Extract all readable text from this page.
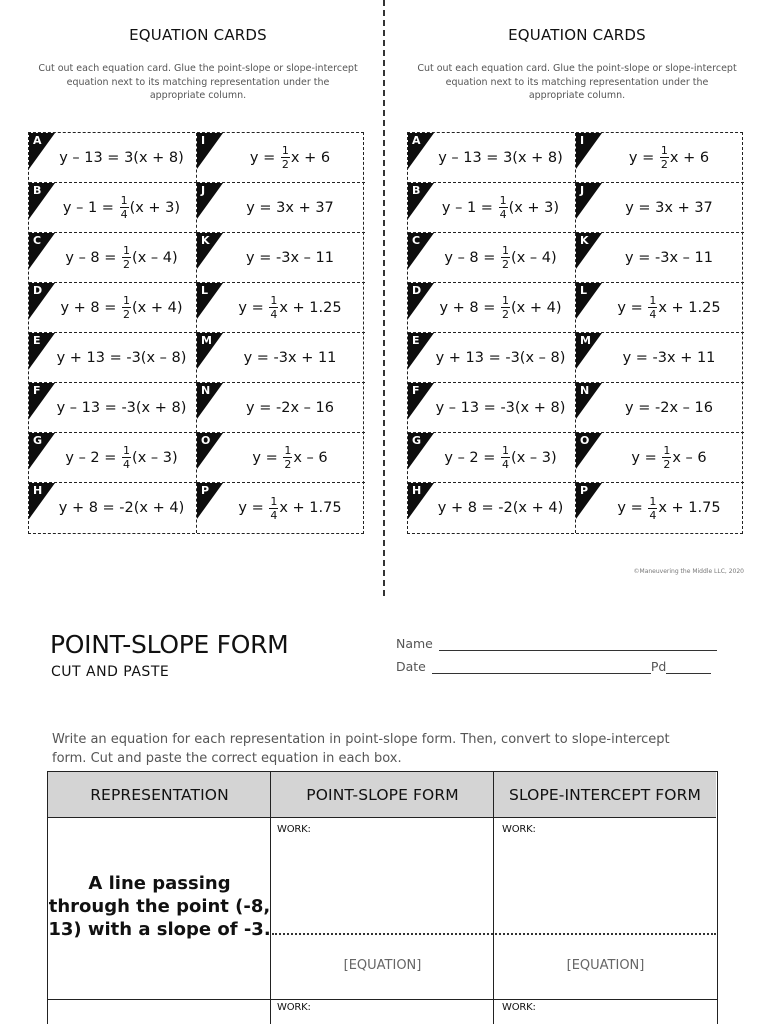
EQUATION CARDS
Cut out each equation card. Glue the point-slope or slope-intercept equation next to its matching representation under the appropriate column.
A
y – 13 = 3(x + 8)
B
$y - 1 = \frac{1}{4} (x + 3)$
C
$y - 8 = \frac{1}{2} (x - 4)$
D
$y + 8 = \frac{1}{2} (x + 4)$
E
y + 13 = -3(x – 8)
F
y – 13 = -3(x + 8)
G
$y - 2 = \frac{1}{4} (x - 3)$
H
y + 8 = -2(x + 4)
I
$y = \frac{1}{2}$ x + 6
J
y = 3x + 37
K
y = -3x – 11
L
$y = \frac{1}{4}$ x + 1.25
M
y = -3x + 11
N
y = -2x – 16
O
$y = \frac{1}{2}$ x – 6
P
$y = \frac{1}{4}$ x + 1.75
EQUATION CARDS
Cut out each equation card. Glue the point-slope or slope-intercept equation next to its matching representation under the appropriate column.
A
y – 13 = 3(x + 8)
B
$y - 1 = \frac{1}{4} (x + 3)$
C
$y - 8 = \frac{1}{2} (x - 4)$
D
$y + 8 = \frac{1}{2} (x + 4)$
E
y + 13 = -3(x – 8)
F
y – 13 = -3(x + 8)
G
$y - 2 = \frac{1}{4} (x - 3)$
H
y + 8 = -2(x + 4)
I
$y = \frac{1}{2}$ x + 6
J
y = 3x + 37
K
y = -3x – 11
L
$y = \frac{1}{4}$ x + 1.25
M
y = -3x + 11
N
y = -2x – 16
O
$y = \frac{1}{2}$ x – 6
P
$y = \frac{1}{4}$ x + 1.75
©Maneuvering the Middle LLC, 2020
POINT-SLOPE FORM
CUT AND PASTE
Name
Date	Pd
Write an equation for each representation in point-slope form. Then, convert to slope-intercept form. Cut and paste the correct equation in each box.
REPRESENTATION	POINT-SLOPE FORM	SLOPE-INTERCEPT FORM
A line passing through the point (-8, 13) with a slope of -3.
WORK:	WORK:
[EQUATION]	[EQUATION]
WORK:	WORK:
